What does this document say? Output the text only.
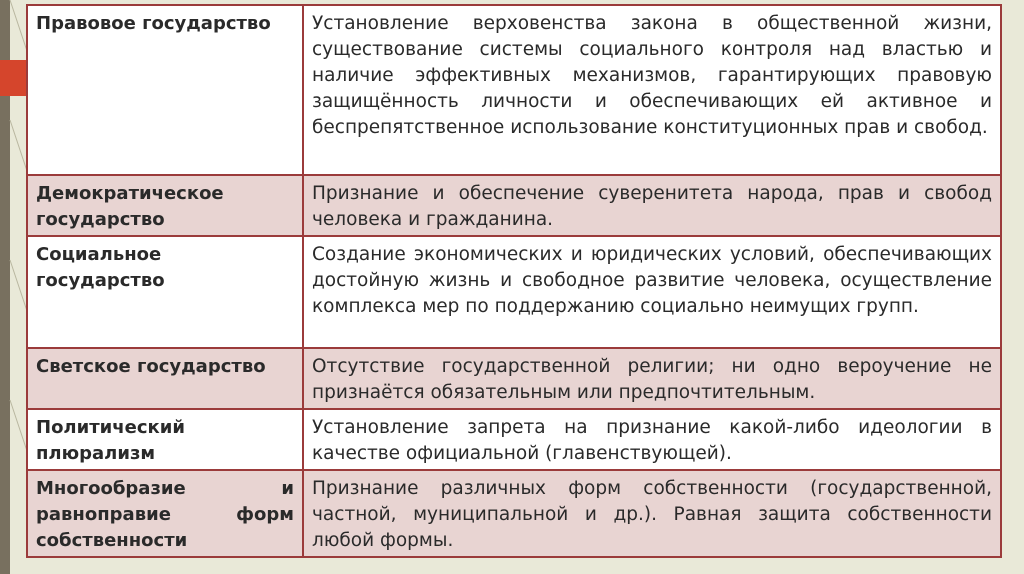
Правовое государство	Установление верховенства закона в общественной жизни, существование системы социального контроля над властью и наличие эффективных механизмов, гарантирующих правовую защищённость личности и обеспечивающих ей активное и беспрепятственное использование конституционных прав и свобод.
Демократическое государство	Признание и обеспечение суверенитета народа, прав и свобод человека и гражданина.
Социальное государство	Создание экономических и юридических условий, обеспечивающих достойную жизнь и свободное развитие человека, осуществление комплекса мер по поддержанию социально неимущих групп.
Светское государство	Отсутствие государственной религии; ни одно вероучение не признаётся обязательным или предпочтительным.
Политический плюрализм	Установление запрета на признание какой-либо идеологии в качестве официальной (главенствующей).
Многообразие и равноправие форм собственности	Признание различных форм собственности (государственной, частной, муниципальной и др.). Равная защита собственности любой формы.
